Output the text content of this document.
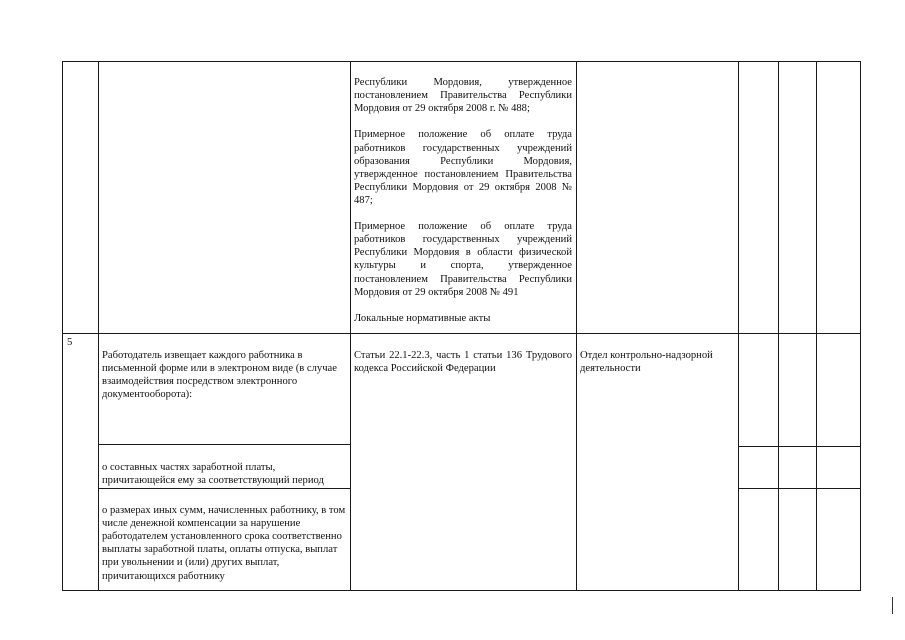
Республики Мордовия, утвержденное постановлением Правительства Республики Мордовия от 29 октября 2008 г. № 488;

Примерное положение об оплате труда работников государственных учреждений образования Республики Мордовия, утвержденное постановлением Правительства Республики Мордовия от 29 октября 2008 № 487;

Примерное положение об оплате труда работников государственных учреждений Республики Мордовия в области физической культуры и спорта, утвержденное постановлением Правительства Республики Мордовия от 29 октября 2008 № 491

Локальные нормативные акты

5

Работодатель извещает каждого работника в письменной форме или в электроном виде (в случае взаимодействия посредством электронного документооборота):

Статьи 22.1-22.3, часть 1 статьи 136 Трудового кодекса Российской Федерации

Отдел контрольно-надзорной деятельности

о составных частях заработной платы, причитающейся ему за соответствующий период

о размерах иных сумм, начисленных работнику, в том числе денежной компенсации за нарушение работодателем установленного срока соответственно выплаты заработной платы, оплаты отпуска, выплат при увольнении и (или) других выплат, причитающихся работнику
